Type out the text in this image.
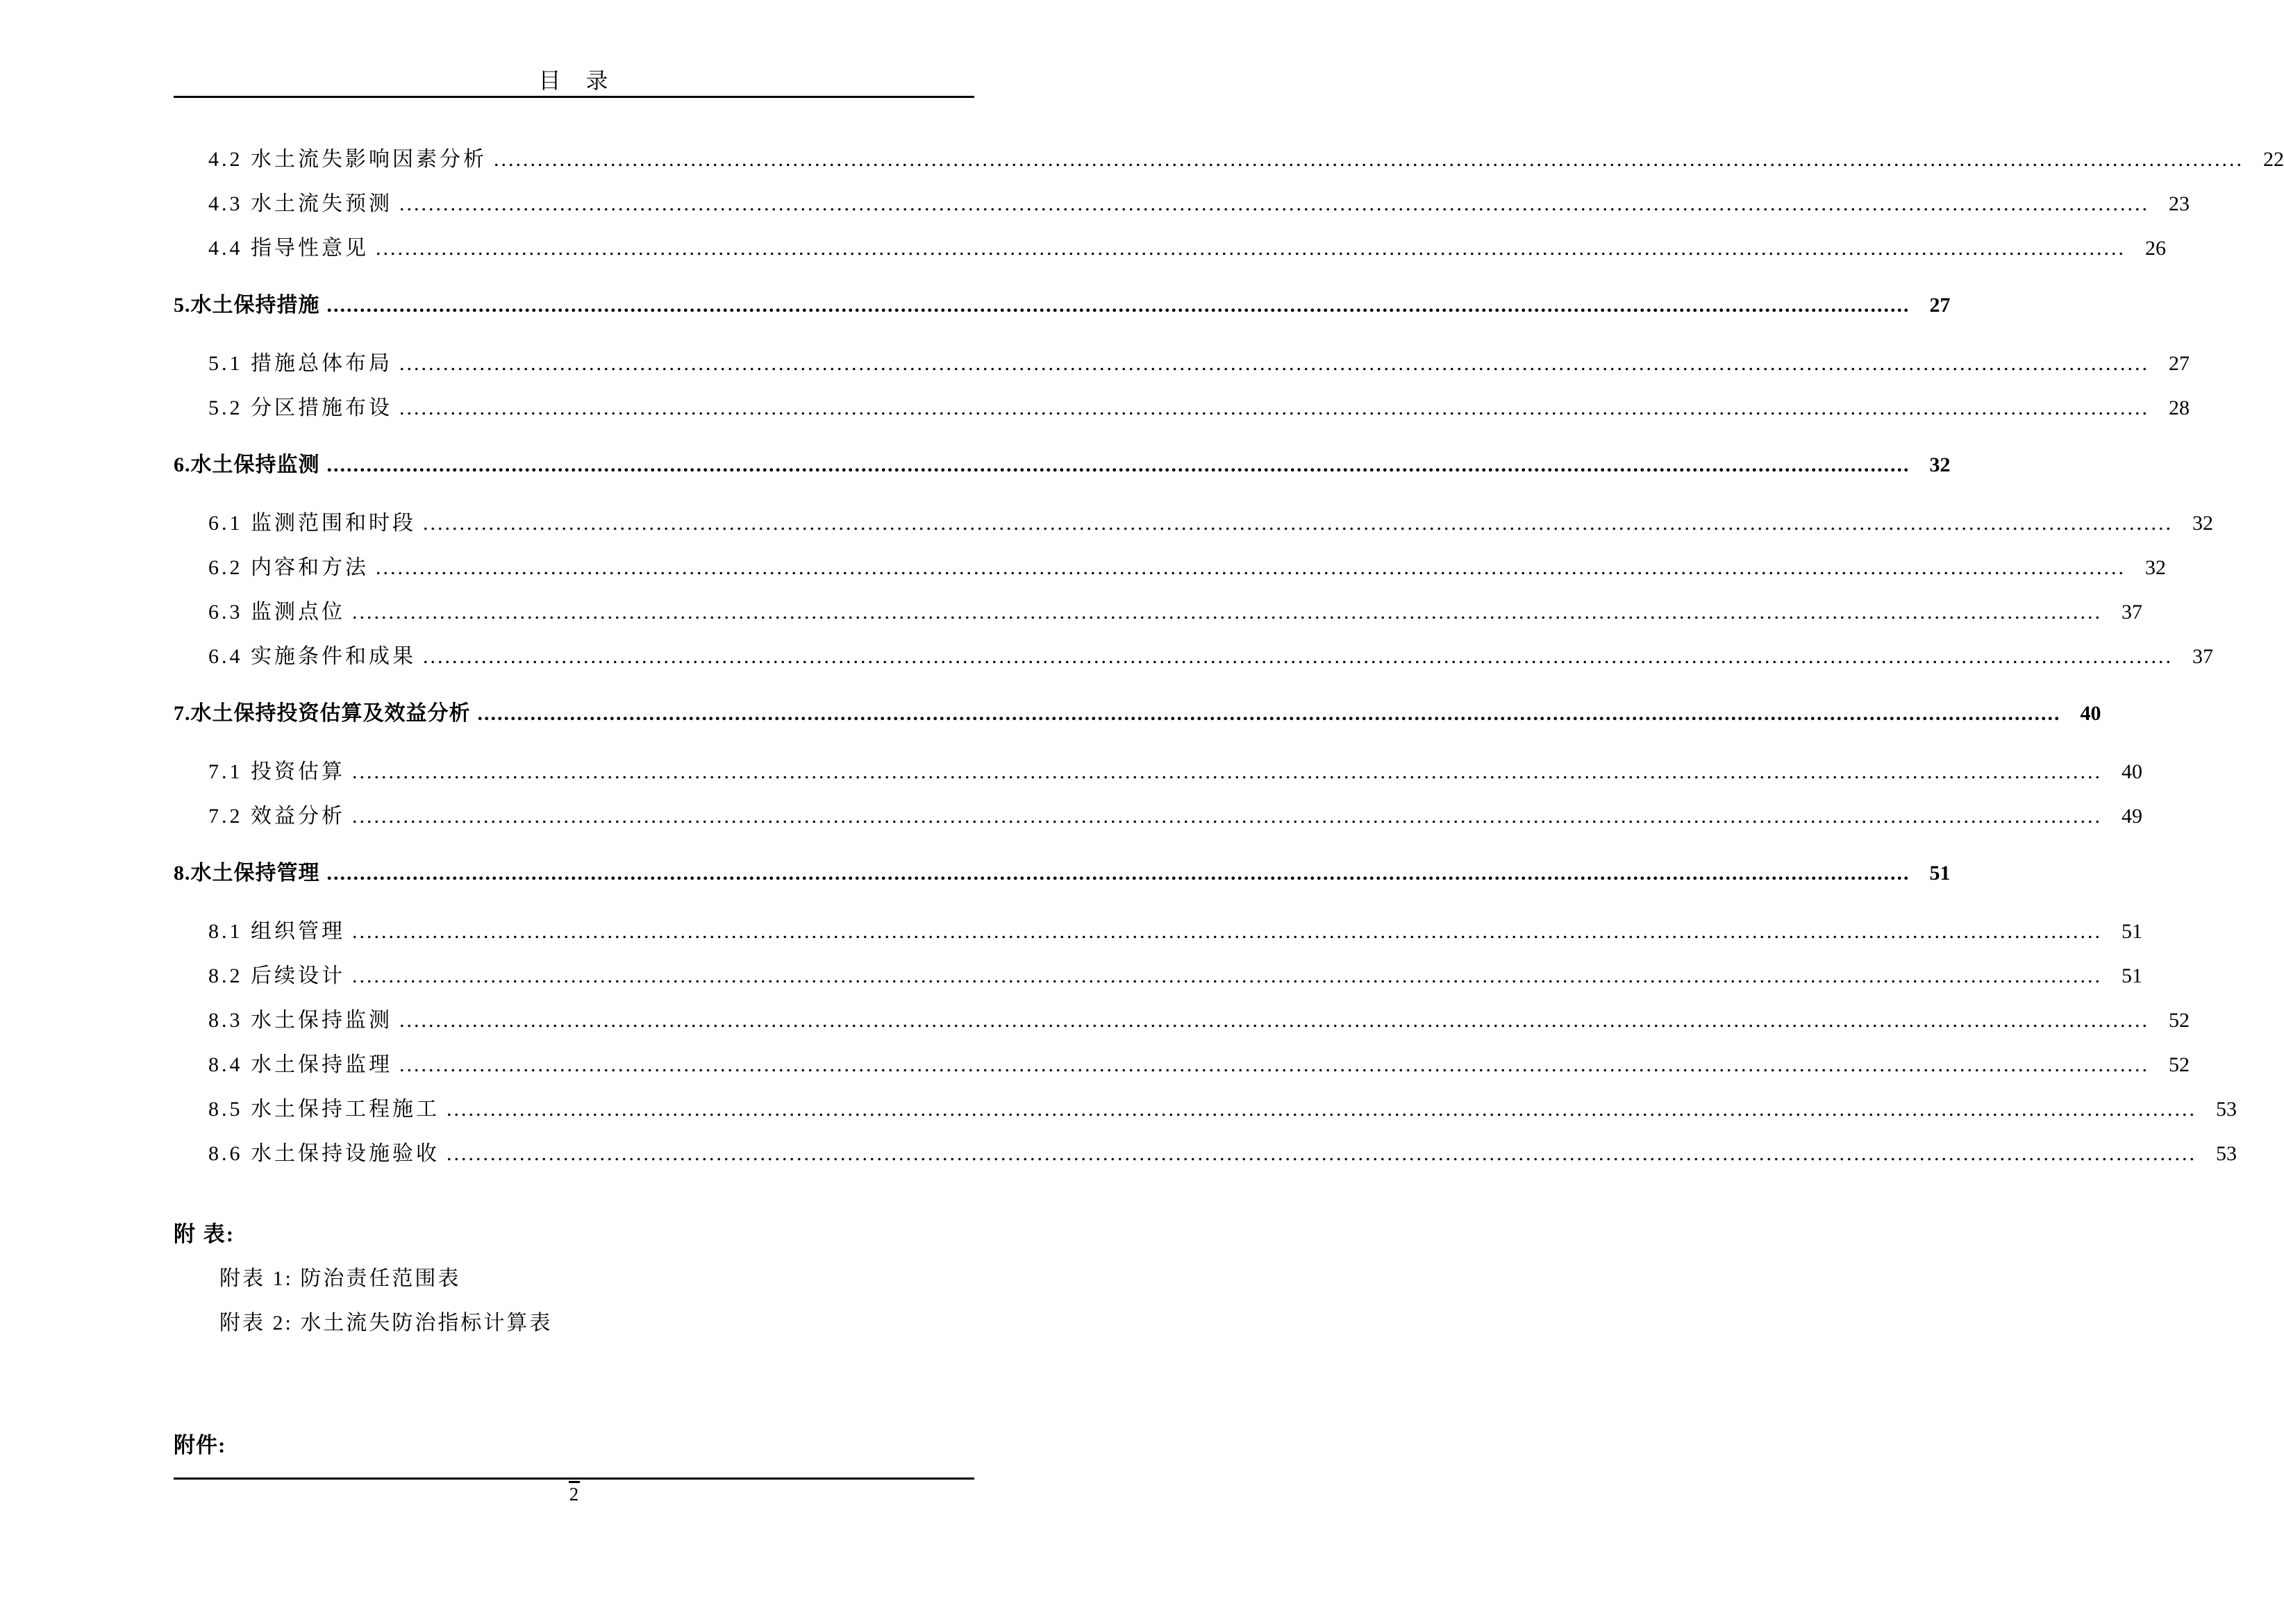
目　录
4.2 水土流失影响因素分析 ................................................................................................................................................................................................................................................ 22
4.3 水土流失预测 ................................................................................................................................................................................................................................................ 23
4.4 指导性意见 ................................................................................................................................................................................................................................................ 26
5.水土保持措施 ................................................................................................................................................................................................................................................ 27
5.1 措施总体布局 ................................................................................................................................................................................................................................................ 27
5.2 分区措施布设 ................................................................................................................................................................................................................................................ 28
6.水土保持监测 ................................................................................................................................................................................................................................................ 32
6.1 监测范围和时段 ................................................................................................................................................................................................................................................ 32
6.2 内容和方法 ................................................................................................................................................................................................................................................ 32
6.3 监测点位 ................................................................................................................................................................................................................................................ 37
6.4 实施条件和成果 ................................................................................................................................................................................................................................................ 37
7.水土保持投资估算及效益分析 ................................................................................................................................................................................................................................................ 40
7.1 投资估算 ................................................................................................................................................................................................................................................ 40
7.2 效益分析 ................................................................................................................................................................................................................................................ 49
8.水土保持管理 ................................................................................................................................................................................................................................................ 51
8.1 组织管理 ................................................................................................................................................................................................................................................ 51
8.2 后续设计 ................................................................................................................................................................................................................................................ 51
8.3 水土保持监测 ................................................................................................................................................................................................................................................ 52
8.4 水土保持监理 ................................................................................................................................................................................................................................................ 52
8.5 水土保持工程施工 ................................................................................................................................................................................................................................................ 53
8.6 水土保持设施验收 ................................................................................................................................................................................................................................................ 53
附 表:
附表 1: 防治责任范围表
附表 2: 水土流失防治指标计算表
附件:
2
